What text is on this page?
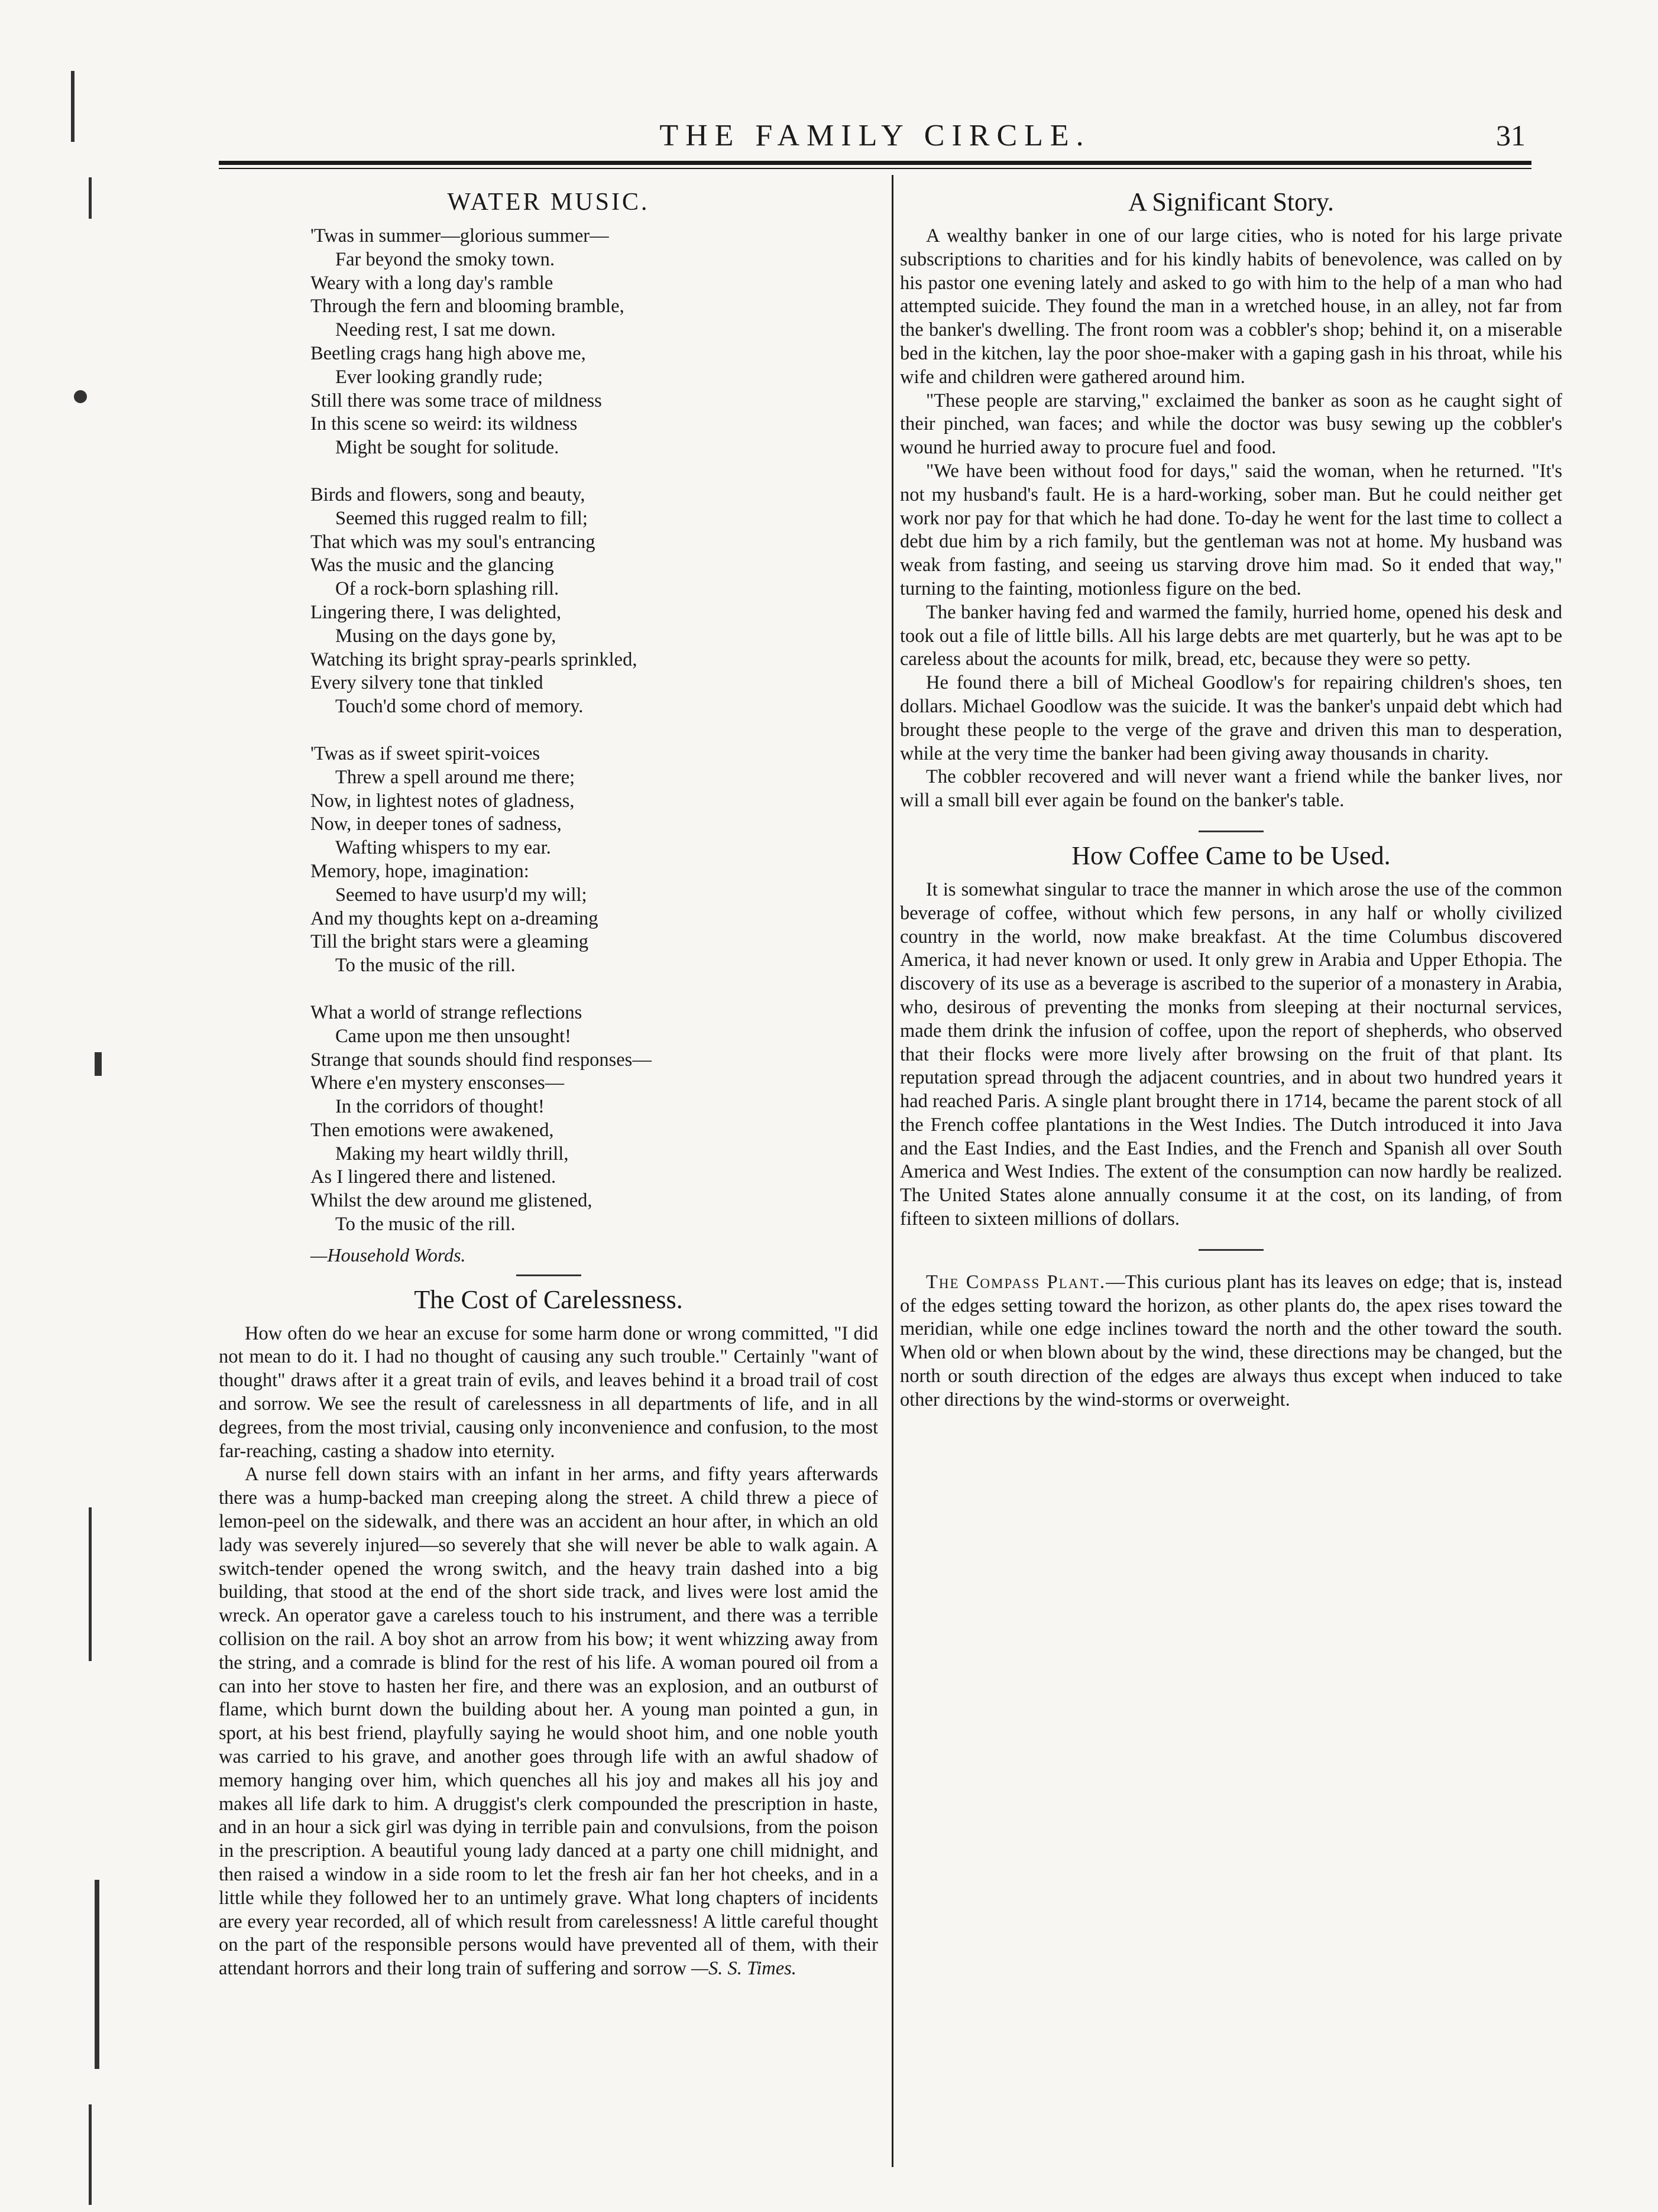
THE FAMILY CIRCLE.	31
WATER MUSIC.
'Twas in summer—glorious summer—
Far beyond the smoky town.
Weary with a long day's ramble
Through the fern and blooming bramble,
Needing rest, I sat me down.
Beetling crags hang high above me,
Ever looking grandly rude;
Still there was some trace of mildness
In this scene so weird: its wildness
Might be sought for solitude.
Birds and flowers, song and beauty,
Seemed this rugged realm to fill;
That which was my soul's entrancing
Was the music and the glancing
Of a rock-born splashing rill.
Lingering there, I was delighted,
Musing on the days gone by,
Watching its bright spray-pearls sprinkled,
Every silvery tone that tinkled
Touch'd some chord of memory.
'Twas as if sweet spirit-voices
Threw a spell around me there;
Now, in lightest notes of gladness,
Now, in deeper tones of sadness,
Wafting whispers to my ear.
Memory, hope, imagination:
Seemed to have usurp'd my will;
And my thoughts kept on a-dreaming
Till the bright stars were a gleaming
To the music of the rill.
What a world of strange reflections
Came upon me then unsought!
Strange that sounds should find responses—
Where e'en mystery ensconses—
In the corridors of thought!
Then emotions were awakened,
Making my heart wildly thrill,
As I lingered there and listened.
Whilst the dew around me glistened,
To the music of the rill.
—Household Words.
The Cost of Carelessness.

How often do we hear an excuse for some harm done or wrong committed, "I did not mean to do it. I had no thought of causing any such trouble." Certainly "want of thought" draws after it a great train of evils, and leaves behind it a broad trail of cost and sorrow. We see the result of carelessness in all departments of life, and in all degrees, from the most trivial, causing only inconvenience and confusion, to the most far-reaching, casting a shadow into eternity.

A nurse fell down stairs with an infant in her arms, and fifty years afterwards there was a hump-backed man creeping along the street. A child threw a piece of lemon-peel on the sidewalk, and there was an accident an hour after, in which an old lady was severely injured—so severely that she will never be able to walk again. A switch-tender opened the wrong switch, and the heavy train dashed into a big building, that stood at the end of the short side track, and lives were lost amid the wreck. An operator gave a careless touch to his instrument, and there was a terrible collision on the rail. A boy shot an arrow from his bow; it went whizzing away from the string, and a comrade is blind for the rest of his life. A woman poured oil from a can into her stove to hasten her fire, and there was an explosion, and an outburst of flame, which burnt down the building about her. A young man pointed a gun, in sport, at his best friend, playfully saying he would shoot him, and one noble youth was carried to his grave, and another goes through life with an awful shadow of memory hanging over him, which quenches all his joy and makes all his joy and makes all life dark to him. A druggist's clerk compounded the prescription in haste, and in an hour a sick girl was dying in terrible pain and convulsions, from the poison in the prescription. A beautiful young lady danced at a party one chill midnight, and then raised a window in a side room to let the fresh air fan her hot cheeks, and in a little while they followed her to an untimely grave. What long chapters of incidents are every year recorded, all of which result from carelessness! A little careful thought on the part of the responsible persons would have prevented all of them, with their attendant horrors and their long train of suffering and sorrow —S. S. Times.

A Significant Story.

A wealthy banker in one of our large cities, who is noted for his large private subscriptions to charities and for his kindly habits of benevolence, was called on by his pastor one evening lately and asked to go with him to the help of a man who had attempted suicide. They found the man in a wretched house, in an alley, not far from the banker's dwelling. The front room was a cobbler's shop; behind it, on a miserable bed in the kitchen, lay the poor shoe-maker with a gaping gash in his throat, while his wife and children were gathered around him.

"These people are starving," exclaimed the banker as soon as he caught sight of their pinched, wan faces; and while the doctor was busy sewing up the cobbler's wound he hurried away to procure fuel and food.

"We have been without food for days," said the woman, when he returned. "It's not my husband's fault. He is a hard-working, sober man. But he could neither get work nor pay for that which he had done. To-day he went for the last time to collect a debt due him by a rich family, but the gentleman was not at home. My husband was weak from fasting, and seeing us starving drove him mad. So it ended that way," turning to the fainting, motionless figure on the bed.

The banker having fed and warmed the family, hurried home, opened his desk and took out a file of little bills. All his large debts are met quarterly, but he was apt to be careless about the acounts for milk, bread, etc, because they were so petty.

He found there a bill of Micheal Goodlow's for repairing children's shoes, ten dollars. Michael Goodlow was the suicide. It was the banker's unpaid debt which had brought these people to the verge of the grave and driven this man to desperation, while at the very time the banker had been giving away thousands in charity.

The cobbler recovered and will never want a friend while the banker lives, nor will a small bill ever again be found on the banker's table.

How Coffee Came to be Used.

It is somewhat singular to trace the manner in which arose the use of the common beverage of coffee, without which few persons, in any half or wholly civilized country in the world, now make breakfast. At the time Columbus discovered America, it had never known or used. It only grew in Arabia and Upper Ethopia. The discovery of its use as a beverage is ascribed to the superior of a monastery in Arabia, who, desirous of preventing the monks from sleeping at their nocturnal services, made them drink the infusion of coffee, upon the report of shepherds, who observed that their flocks were more lively after browsing on the fruit of that plant. Its reputation spread through the adjacent countries, and in about two hundred years it had reached Paris. A single plant brought there in 1714, became the parent stock of all the French coffee plantations in the West Indies. The Dutch introduced it into Java and the East Indies, and the East Indies, and the French and Spanish all over South America and West Indies. The extent of the consumption can now hardly be realized. The United States alone annually consume it at the cost, on its landing, of from fifteen to sixteen millions of dollars.

The Compass Plant.—This curious plant has its leaves on edge; that is, instead of the edges setting toward the horizon, as other plants do, the apex rises toward the meridian, while one edge inclines toward the north and the other toward the south. When old or when blown about by the wind, these directions may be changed, but the north or south direction of the edges are always thus except when induced to take other directions by the wind-storms or overweight.
